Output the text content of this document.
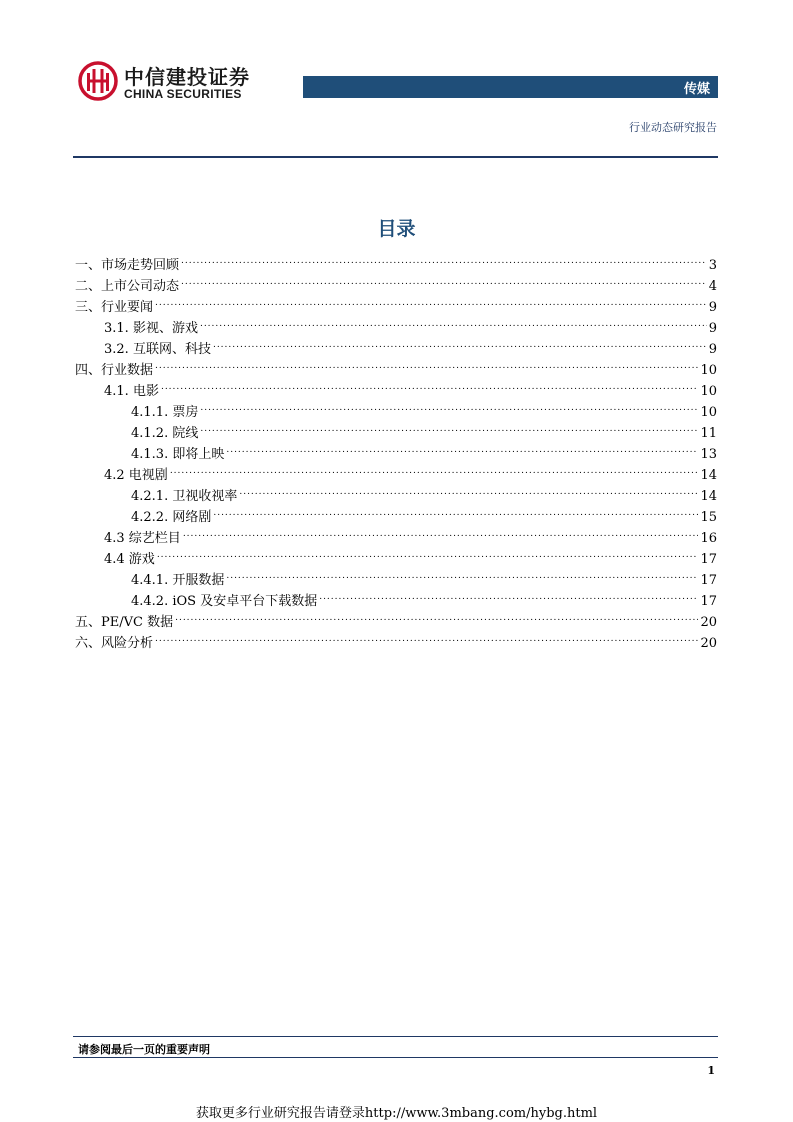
中信建投证券
CHINA SECURITIES	传媒
行业动态研究报告
目录
一、市场走势回顾 .....	3
二、上市公司动态 .....	4
三、行业要闻 .....	9
3.1. 影视、游戏 .....	9
3.2. 互联网、科技 .....	9
四、行业数据 .....	10
4.1. 电影 .....	10
4.1.1. 票房 .....	10
4.1.2. 院线 .....	11
4.1.3. 即将上映 .....	13
4.2 电视剧 .....	14
4.2.1. 卫视收视率 .....	14
4.2.2. 网络剧 .....	15
4.3 综艺栏目 .....	16
4.4 游戏 .....	17
4.4.1. 开服数据 .....	17
4.4.2. iOS 及安卓平台下载数据 .....	17
五、PE/VC 数据 .....	20
六、风险分析 .....	20
请参阅最后一页的重要声明
1
获取更多行业研究报告请登录http://www.3mbang.com/hybg.html
